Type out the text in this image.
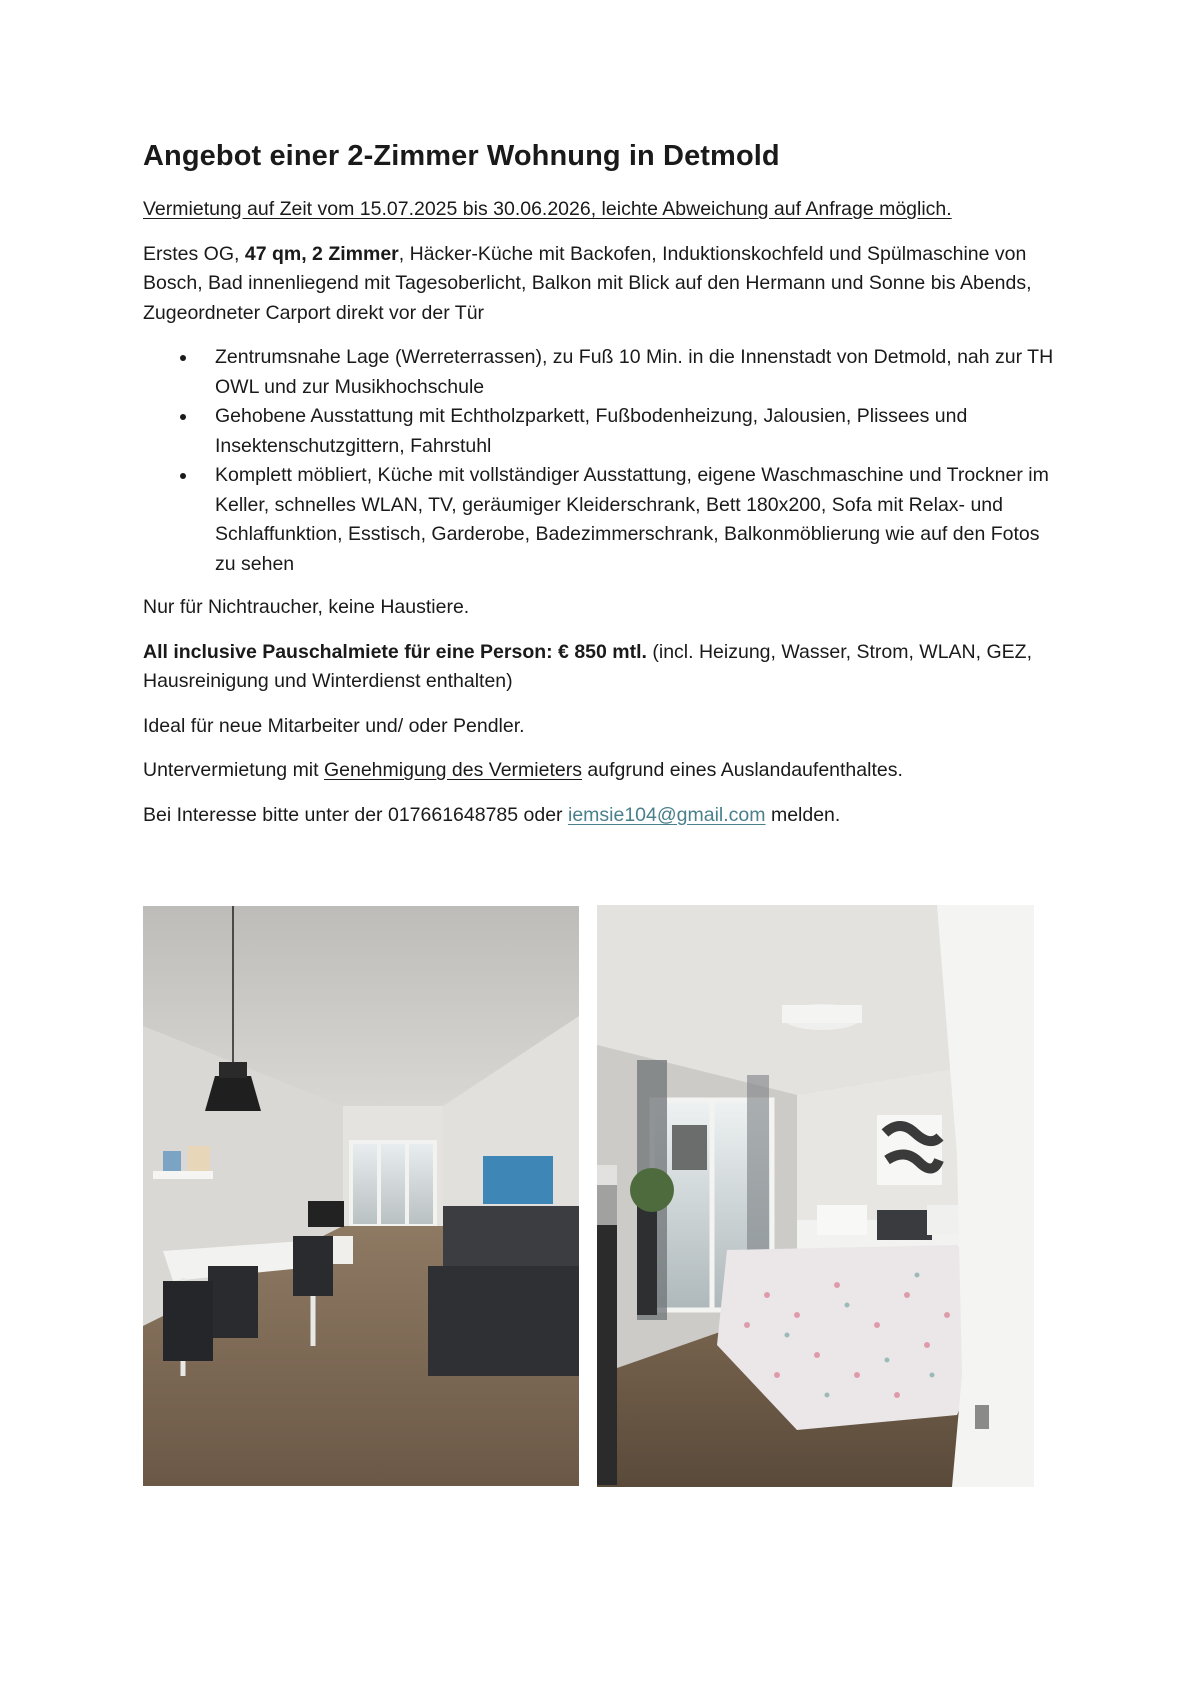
Angebot einer 2-Zimmer Wohnung in Detmold

Vermietung auf Zeit vom 15.07.2025 bis 30.06.2026, leichte Abweichung auf Anfrage möglich.

Erstes OG, 47 qm, 2 Zimmer, Häcker-Küche mit Backofen, Induktionskochfeld und Spülmaschine von Bosch, Bad innenliegend mit Tagesoberlicht, Balkon mit Blick auf den Hermann und Sonne bis Abends, Zugeordneter Carport direkt vor der Tür

Zentrumsnahe Lage (Werreterrassen), zu Fuß 10 Min. in die Innenstadt von Detmold, nah zur TH OWL und zur Musikhochschule
Gehobene Ausstattung mit Echtholzparkett, Fußbodenheizung, Jalousien, Plissees und Insektenschutzgittern, Fahrstuhl
Komplett möbliert, Küche mit vollständiger Ausstattung, eigene Waschmaschine und Trockner im Keller, schnelles WLAN, TV, geräumiger Kleiderschrank, Bett 180x200, Sofa mit Relax- und Schlaffunktion, Esstisch, Garderobe, Badezimmerschrank, Balkonmöblierung wie auf den Fotos zu sehen

Nur für Nichtraucher, keine Haustiere.

All inclusive Pauschalmiete für eine Person: € 850 mtl. (incl. Heizung, Wasser, Strom, WLAN, GEZ, Hausreinigung und Winterdienst enthalten)

Ideal für neue Mitarbeiter und/ oder Pendler.

Untervermietung mit Genehmigung des Vermieters aufgrund eines Auslandaufenthaltes.

Bei Interesse bitte unter der 017661648785 oder iemsie104@gmail.com melden.
